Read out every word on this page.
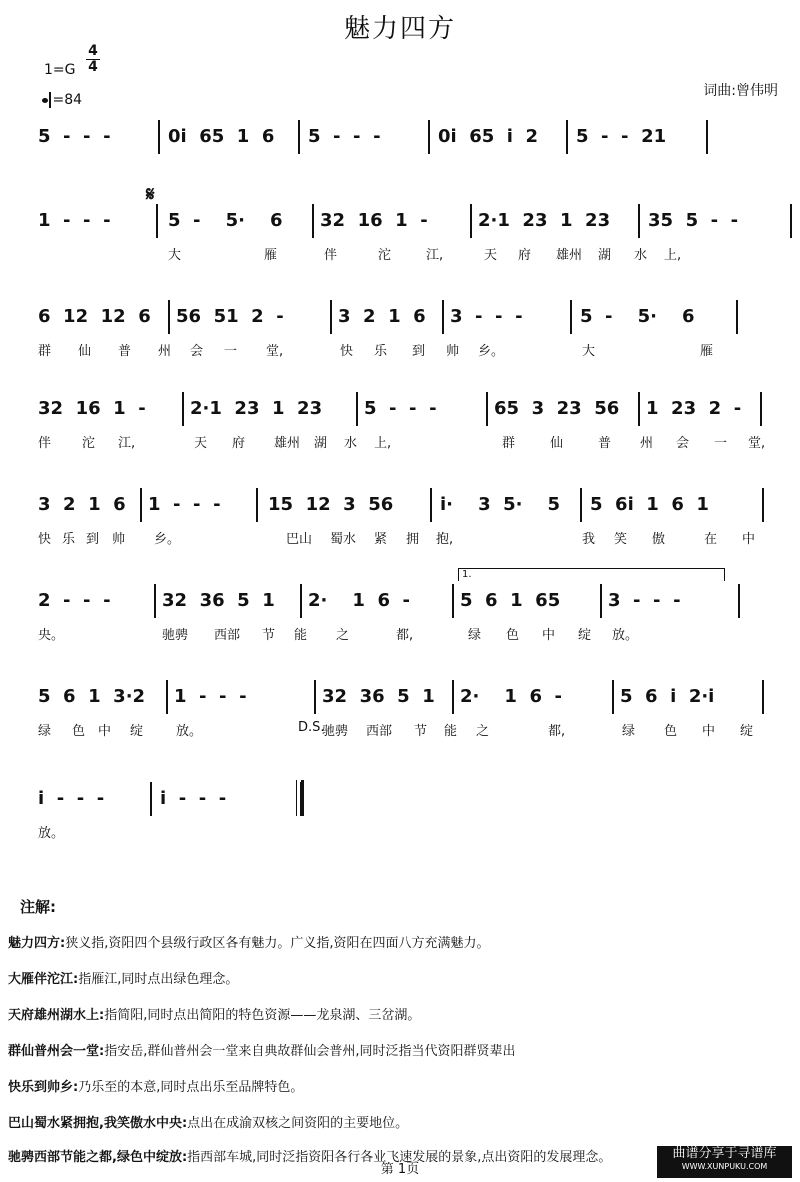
魅力四方
1=G
4
4
=84
词曲:曾伟明
5  -  -  -	0i  65  1  6 5  -  -  -	0i  65  i  2 5  -  -  21
1  -  -  -	5  -    5·    6 32  16  1  -	2·1  23  1  23 35  5  -  -
大	雁	伴	沱	江,	天 府 雄州 湖 水 上,
6  12  12  6 56  51  2  -	3  2  1  6 3  -  -  -	5  -    5·    6
群 仙 普 州 会 一 堂,	快 乐 到 帅 乡。	大	雁
32  16  1  - 2·1  23  1  23 5  -  -  -	65  3  23  56 1  23  2  -
伴 沱 江,	天 府 雄州 湖 水 上,	群	仙	普 州 会 一 堂,
3  2  1  6 1  -  -  -	15  12  3  56	i·    3  5·    5 5  6i  1  6  1
快 乐 到 帅 乡。	巴山 蜀水 紧 拥 抱,	我 笑 傲	在 中
2  -  -  -	32  36  5  1 2·    1  6  -	5  6  1  65	3  -  -  -
央。	驰骋 西部 节 能 之	都,	绿 色 中 绽 放。
5  6  1  3·2 1  -  -  -	32  36  5  1 2·    1  6  -	5  6  i  2·i
绿 色 中 绽	放。	D.S.
驰骋 西部 节 能 之	都,	绿 色 中 绽
i  -  -  -	i  -  -  -
放。
1.
𝄋
注解:
魅力四方:狭义指,资阳四个县级行政区各有魅力。广义指,资阳在四面八方充满魅力。
大雁伴沱江:指雁江,同时点出绿色理念。
天府雄州湖水上:指简阳,同时点出简阳的特色资源——龙泉湖、三岔湖。
群仙普州会一堂:指安岳,群仙普州会一堂来自典故群仙会普州,同时泛指当代资阳群贤辈出
快乐到帅乡:乃乐至的本意,同时点出乐至品牌特色。
巴山蜀水紧拥抱,我笑傲水中央:点出在成渝双核之间资阳的主要地位。
驰骋西部节能之都,绿色中绽放:指西部车城,同时泛指资阳各行各业飞速发展的景象,点出资阳的发展理念。
第 1页
曲谱分享于寻谱库
WWW.XUNPUKU.COM
